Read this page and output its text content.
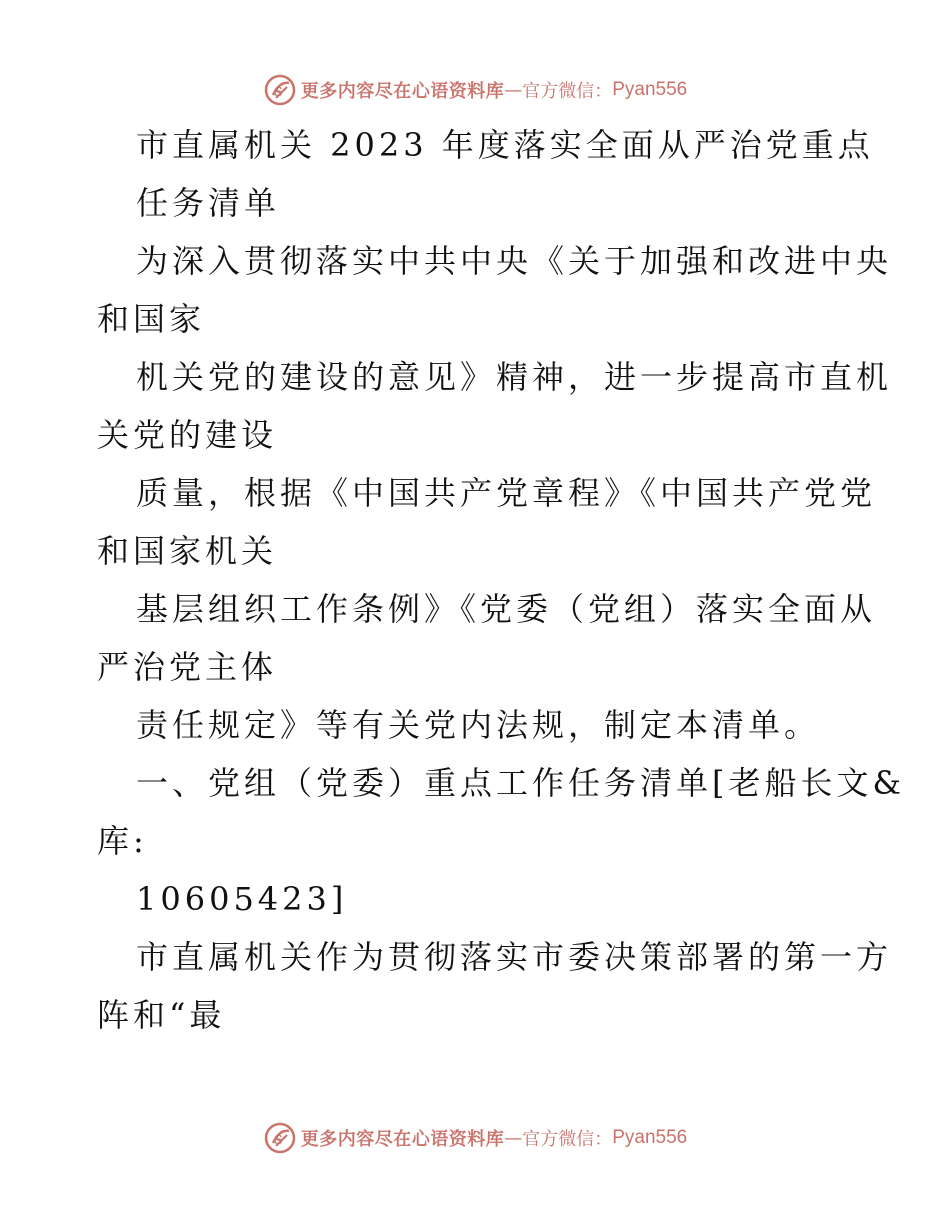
S 更多内容尽在心语资料库 — 官方微信： Pyan556
市直属机关 2023 年度落实全面从严治党重点
任务清单
为深入贯彻落实中共中央《关于加强和改进中央
和国家
机关党的建设的意见》精神，进一步提高市直机
关党的建设
质量，根据《中国共产党章程》《中国共产党党
和国家机关
基层组织工作条例》《党委（党组）落实全面从
严治党主体
责任规定》等有关党内法规，制定本清单。
一、党组（党委）重点工作任务清单[老船长文&
库:
10605423]
市直属机关作为贯彻落实市委决策部署的第一方
阵和“最
S 更多内容尽在心语资料库 — 官方微信： Pyan556
